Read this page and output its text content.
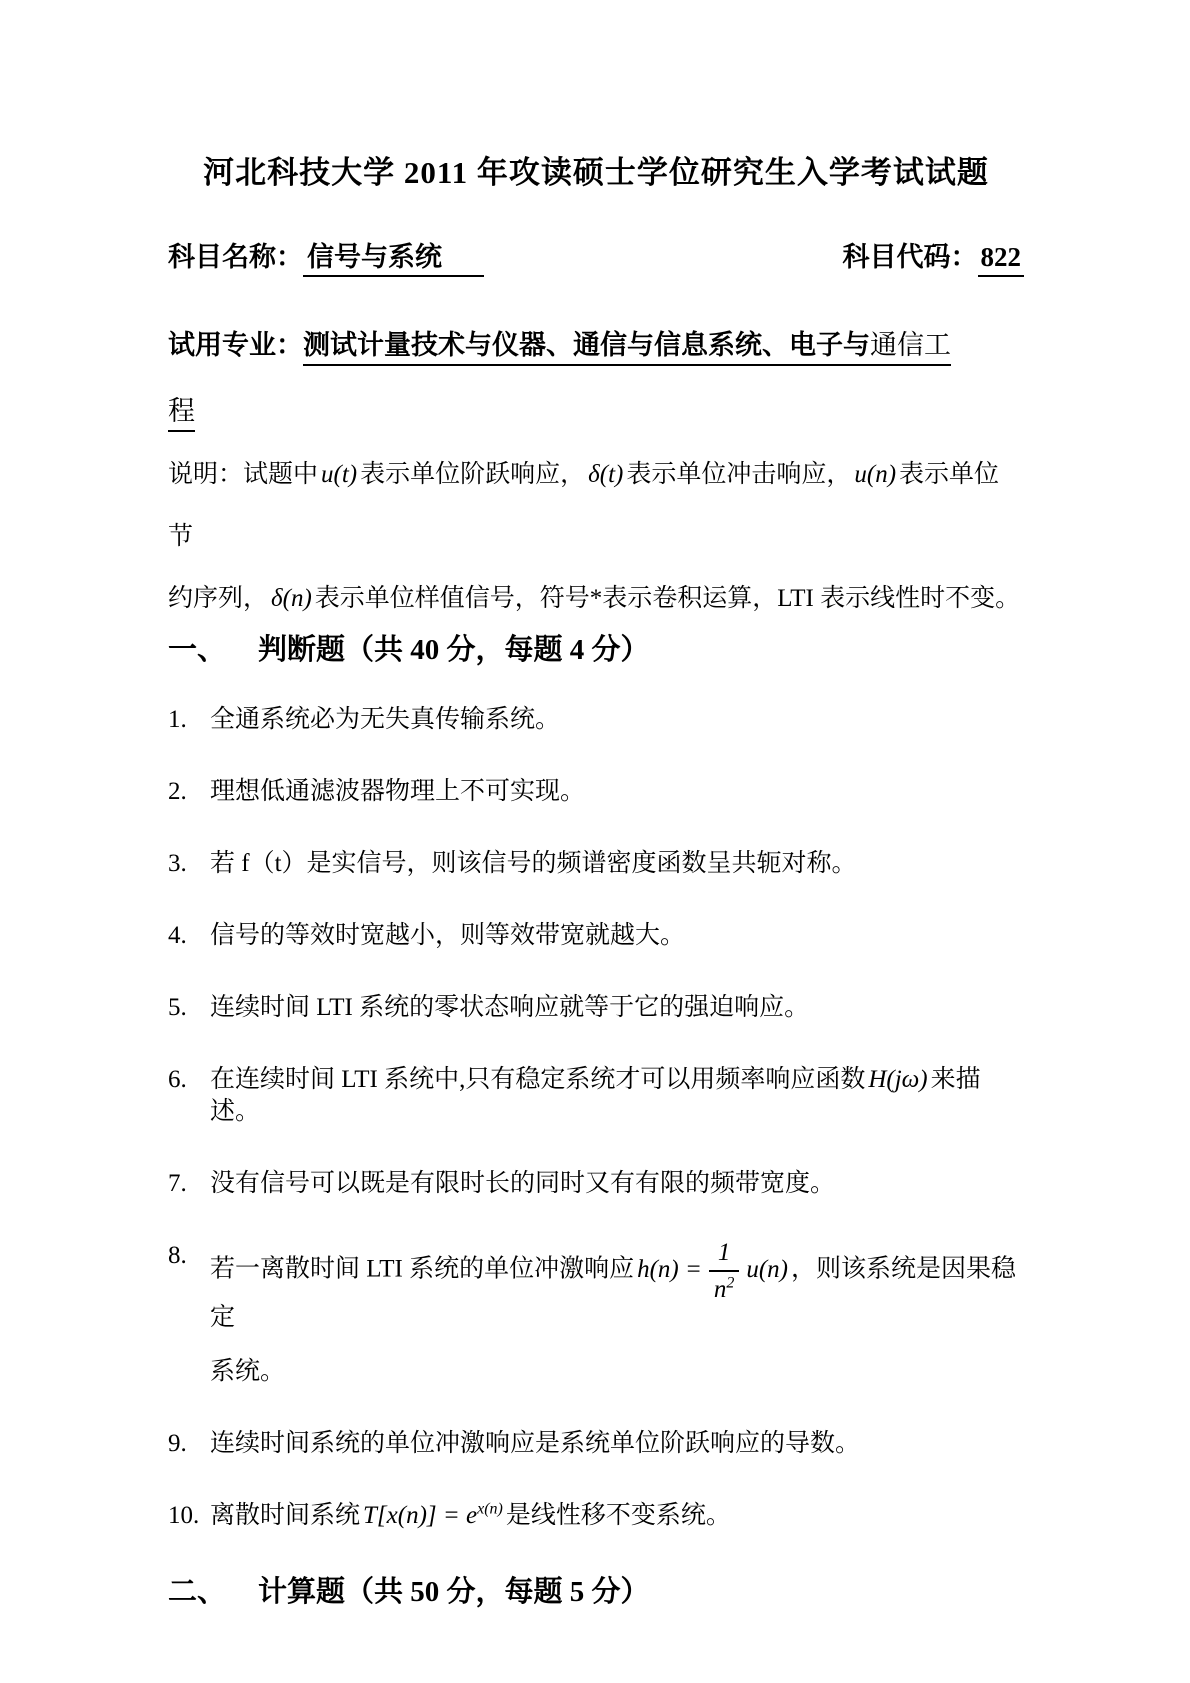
河北科技大学 2011 年攻读硕士学位研究生入学考试试题
科目名称： 信号与系统	科目代码： 822
试用专业：测试计量技术与仪器、通信与信息系统、电子与通信工
程

说明：试题中 u(t) 表示单位阶跃响应， δ(t) 表示单位冲击响应， u(n) 表示单位节
约序列， δ(n) 表示单位样值信号，符号*表示卷积运算，LTI 表示线性时不变。

一、 判断题（共 40 分，每题 4 分）
1. 全通系统必为无失真传输系统。
2. 理想低通滤波器物理上不可实现。
3. 若 f（t）是实信号，则该信号的频谱密度函数呈共轭对称。
4. 信号的等效时宽越小，则等效带宽就越大。
5. 连续时间 LTI 系统的零状态响应就等于它的强迫响应。
6. 在连续时间 LTI 系统中,只有稳定系统才可以用频率响应函数 H(jω) 来描述。
7. 没有信号可以既是有限时长的同时又有有限的频带宽度。
8.
若一离散时间 LTI 系统的单位冲激响应 $h(n) = \frac{1}{n^2} u(n)$ ，则该系统是因果稳定
系统。
9. 连续时间系统的单位冲激响应是系统单位阶跃响应的导数。
10. 离散时间系统 $T[x(n)] = e^{x(n)}$ 是线性移不变系统。
二、 计算题（共 50 分，每题 5 分）
